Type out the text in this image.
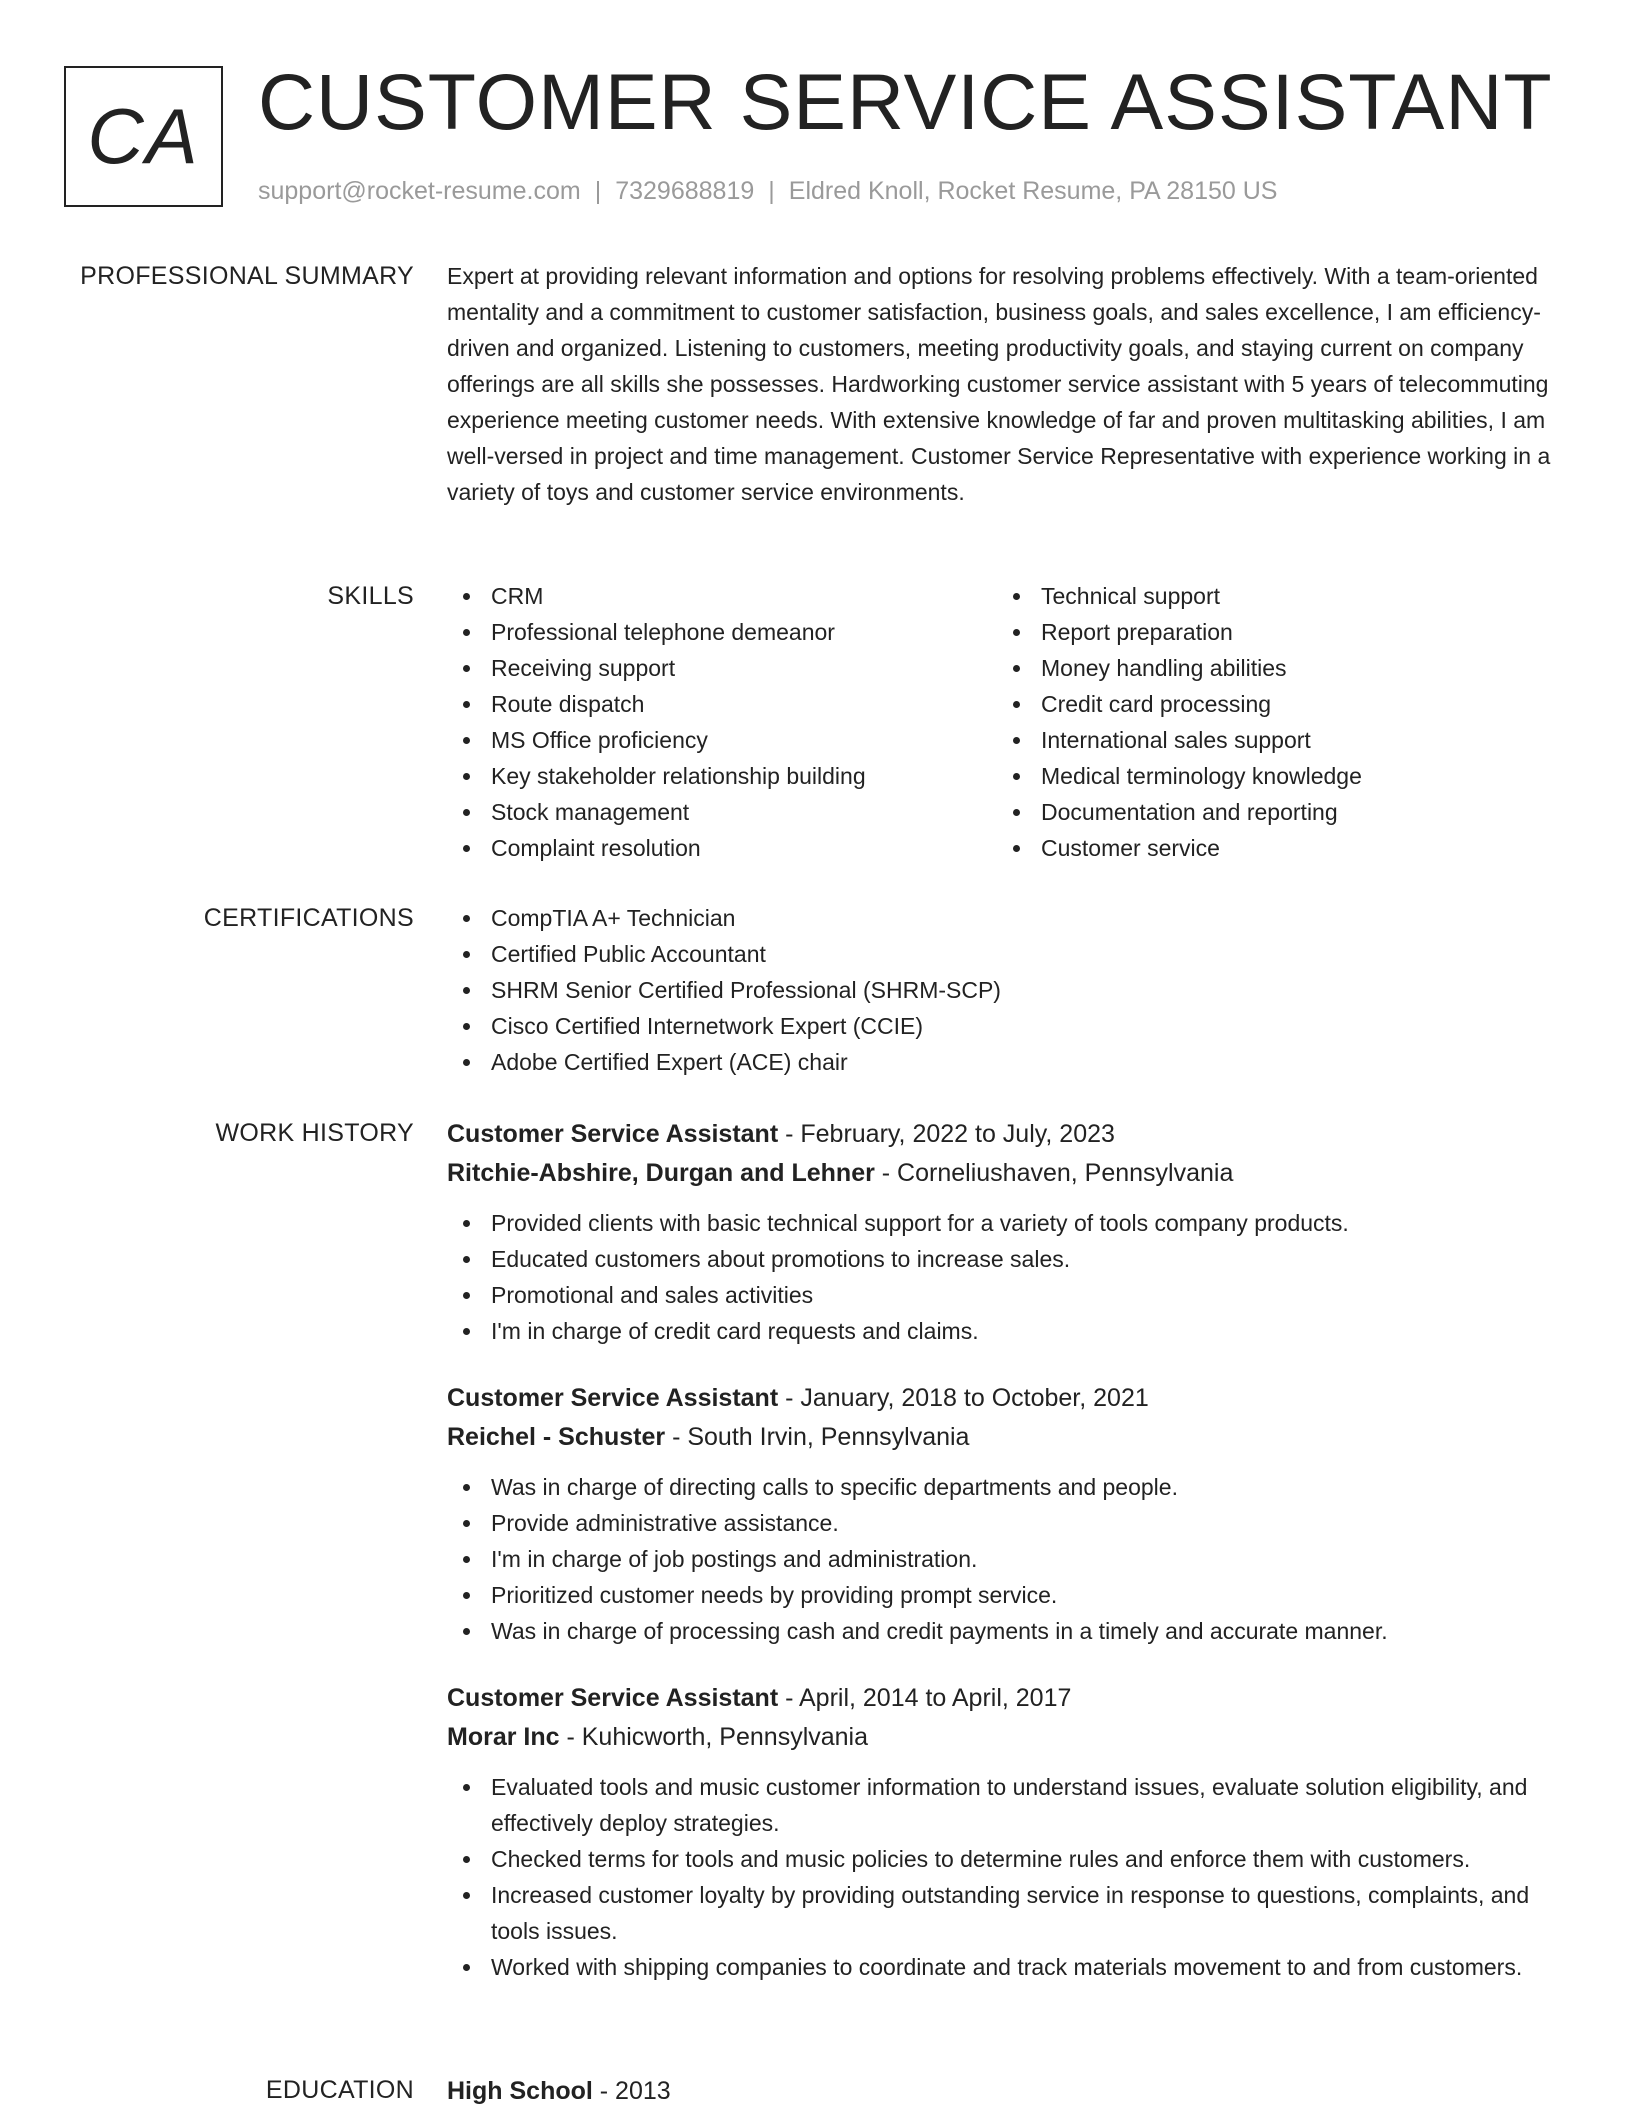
CA CUSTOMER SERVICE ASSISTANT
support@rocket-resume.com | 7329688819 | Eldred Knoll, Rocket Resume, PA 28150 US
PROFESSIONAL SUMMARY Expert at providing relevant information and options for resolving problems effectively. With a team-oriented mentality and a commitment to customer satisfaction, business goals, and sales excellence, I am efficiency-driven and organized. Listening to customers, meeting productivity goals, and staying current on company offerings are all skills she possesses. Hardworking customer service assistant with 5 years of telecommuting experience meeting customer needs. With extensive knowledge of far and proven multitasking abilities, I am well-versed in project and time management. Customer Service Representative with experience working in a variety of toys and customer service environments.

SKILLS	CRM
Professional telephone demeanor
Receiving support
Route dispatch
MS Office proficiency
Key stakeholder relationship building
Stock management
Complaint resolution
Technical support
Report preparation
Money handling abilities
Credit card processing
International sales support
Medical terminology knowledge
Documentation and reporting
Customer service
CERTIFICATIONS	CompTIA A+ Technician
Certified Public Accountant
SHRM Senior Certified Professional (SHRM-SCP)
Cisco Certified Internetwork Expert (CCIE)
Adobe Certified Expert (ACE) chair
WORK HISTORY Customer Service Assistant - February, 2022 to July, 2023
Ritchie-Abshire, Durgan and Lehner - Corneliushaven, Pennsylvania
Provided clients with basic technical support for a variety of tools company products.
Educated customers about promotions to increase sales.
Promotional and sales activities
I'm in charge of credit card requests and claims.
Customer Service Assistant - January, 2018 to October, 2021
Reichel - Schuster - South Irvin, Pennsylvania
Was in charge of directing calls to specific departments and people.
Provide administrative assistance.
I'm in charge of job postings and administration.
Prioritized customer needs by providing prompt service.
Was in charge of processing cash and credit payments in a timely and accurate manner.
Customer Service Assistant - April, 2014 to April, 2017
Morar Inc - Kuhicworth, Pennsylvania
Evaluated tools and music customer information to understand issues, evaluate solution eligibility, and effectively deploy strategies.
Checked terms for tools and music policies to determine rules and enforce them with customers.
Increased customer loyalty by providing outstanding service in response to questions, complaints, and tools issues.
Worked with shipping companies to coordinate and track materials movement to and from customers.
EDUCATION High School - 2013
